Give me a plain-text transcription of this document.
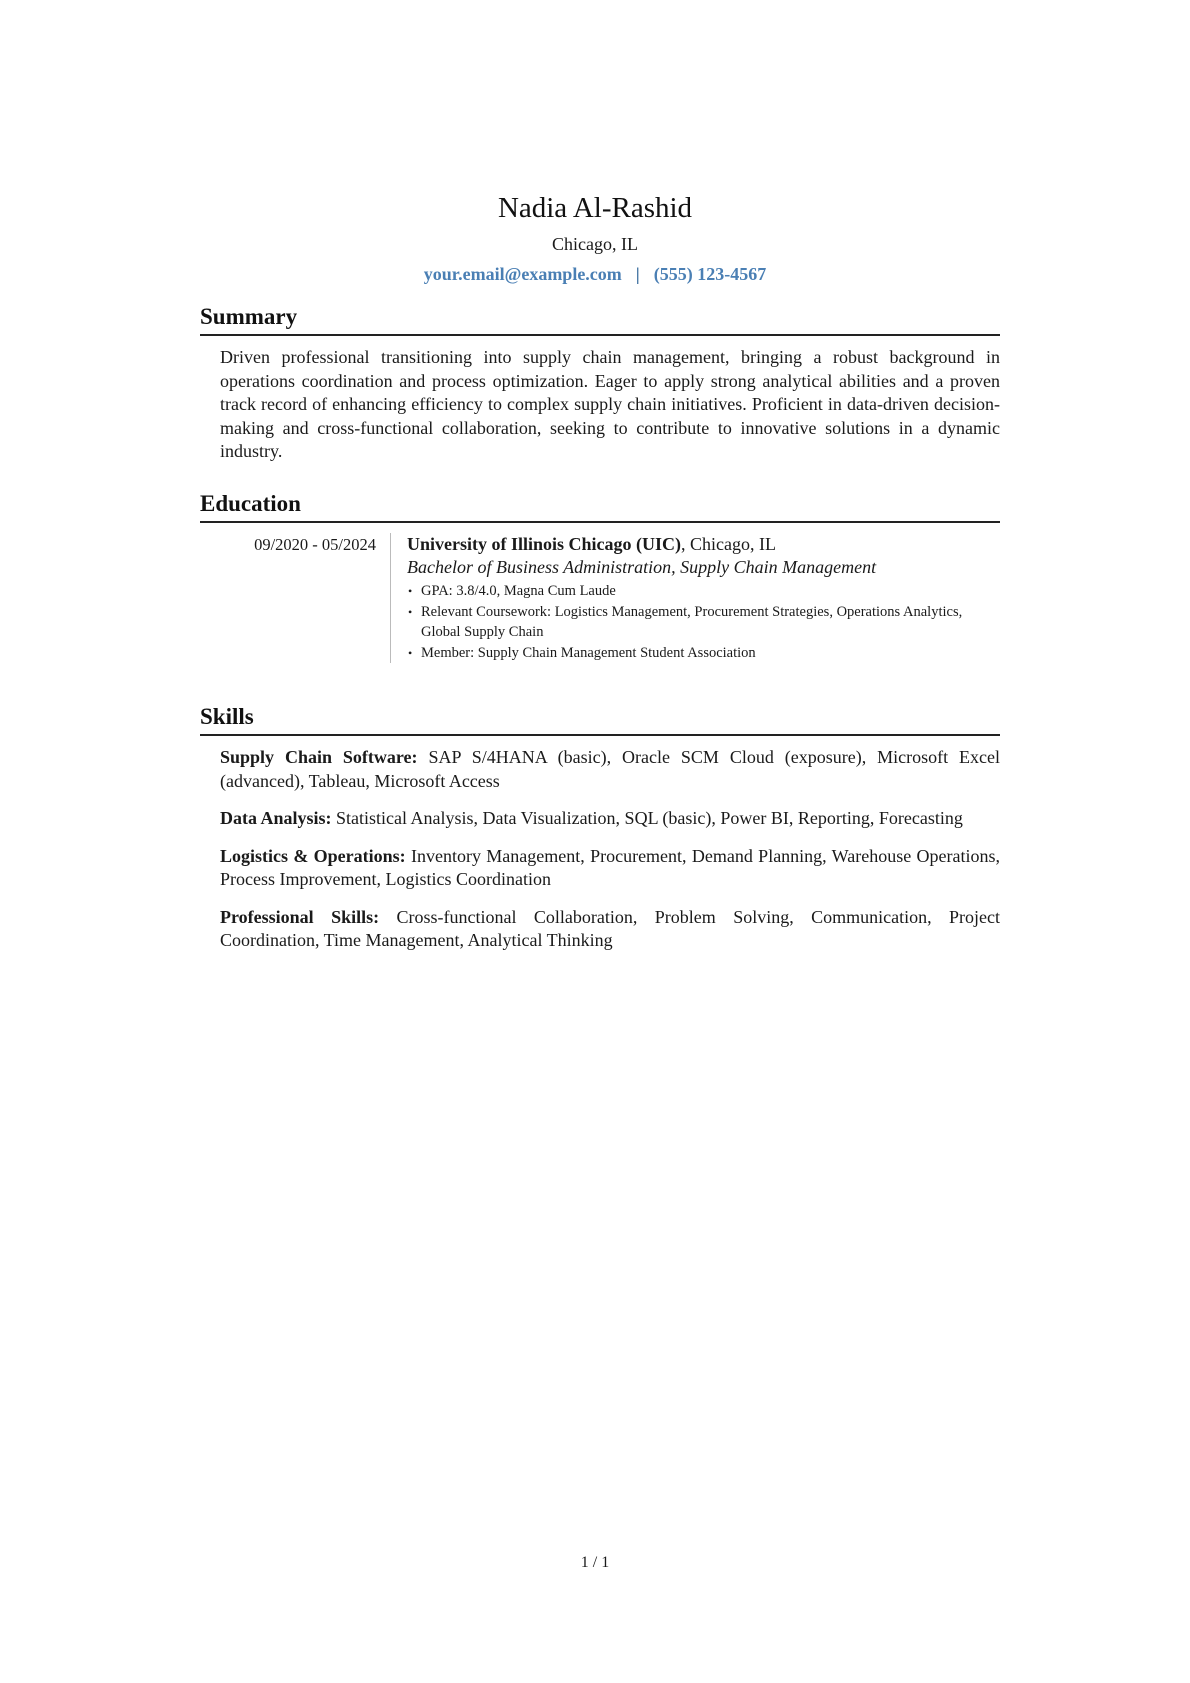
Nadia Al-Rashid
Chicago, IL
your.email@example.com | (555) 123-4567
Summary

Driven professional transitioning into supply chain management, bringing a robust background in operations coordination and process optimization. Eager to apply strong analytical abilities and a proven track record of enhancing efficiency to complex supply chain initiatives. Proficient in data-driven decision-making and cross-functional collaboration, seeking to contribute to innovative solutions in a dynamic industry.

Education
09/2020 - 05/2024	University of Illinois Chicago (UIC), Chicago, IL
Bachelor of Business Administration, Supply Chain Management
• GPA: 3.8/4.0, Magna Cum Laude
• Relevant Coursework: Logistics Management, Procurement Strategies, Operations Analytics, Global Supply Chain
• Member: Supply Chain Management Student Association
Skills

Supply Chain Software: SAP S/4HANA (basic), Oracle SCM Cloud (exposure), Microsoft Excel (advanced), Tableau, Microsoft Access

Data Analysis: Statistical Analysis, Data Visualization, SQL (basic), Power BI, Reporting, Forecasting

Logistics & Operations: Inventory Management, Procurement, Demand Planning, Warehouse Operations, Process Improvement, Logistics Coordination

Professional Skills: Cross-functional Collaboration, Problem Solving, Communication, Project Coordination, Time Management, Analytical Thinking

1 / 1
